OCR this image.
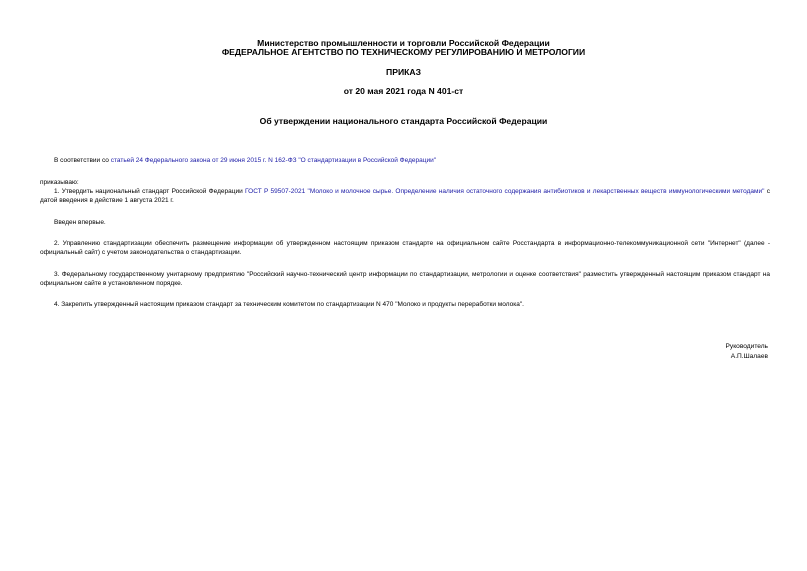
Министерство промышленности и торговли Российской Федерации
ФЕДЕРАЛЬНОЕ АГЕНТСТВО ПО ТЕХНИЧЕСКОМУ РЕГУЛИРОВАНИЮ И МЕТРОЛОГИИ
ПРИКАЗ
от 20 мая 2021 года N 401-ст
Об утверждении национального стандарта Российской Федерации
В соответствии со статьей 24 Федерального закона от 29 июня 2015 г. N 162-ФЗ "О стандартизации в Российской Федерации"
приказываю:
1. Утвердить национальный стандарт Российской Федерации ГОСТ Р 59507-2021 "Молоко и молочное сырье. Определение наличия остаточного содержания антибиотиков и лекарственных веществ иммунологическими методами" с датой введения в действие 1 августа 2021 г.
Введен впервые.
2. Управлению стандартизации обеспечить размещение информации об утвержденном настоящим приказом стандарте на официальном сайте Росстандарта в информационно-телекоммуникационной сети "Интернет" (далее - официальный сайт) с учетом законодательства о стандартизации.
3. Федеральному государственному унитарному предприятию "Российский научно-технический центр информации по стандартизации, метрологии и оценке соответствия" разместить утвержденный настоящим приказом стандарт на официальном сайте в установленном порядке.
4. Закрепить утвержденный настоящим приказом стандарт за техническим комитетом по стандартизации N 470 "Молоко и продукты переработки молока".
Руководитель
А.П.Шалаев
